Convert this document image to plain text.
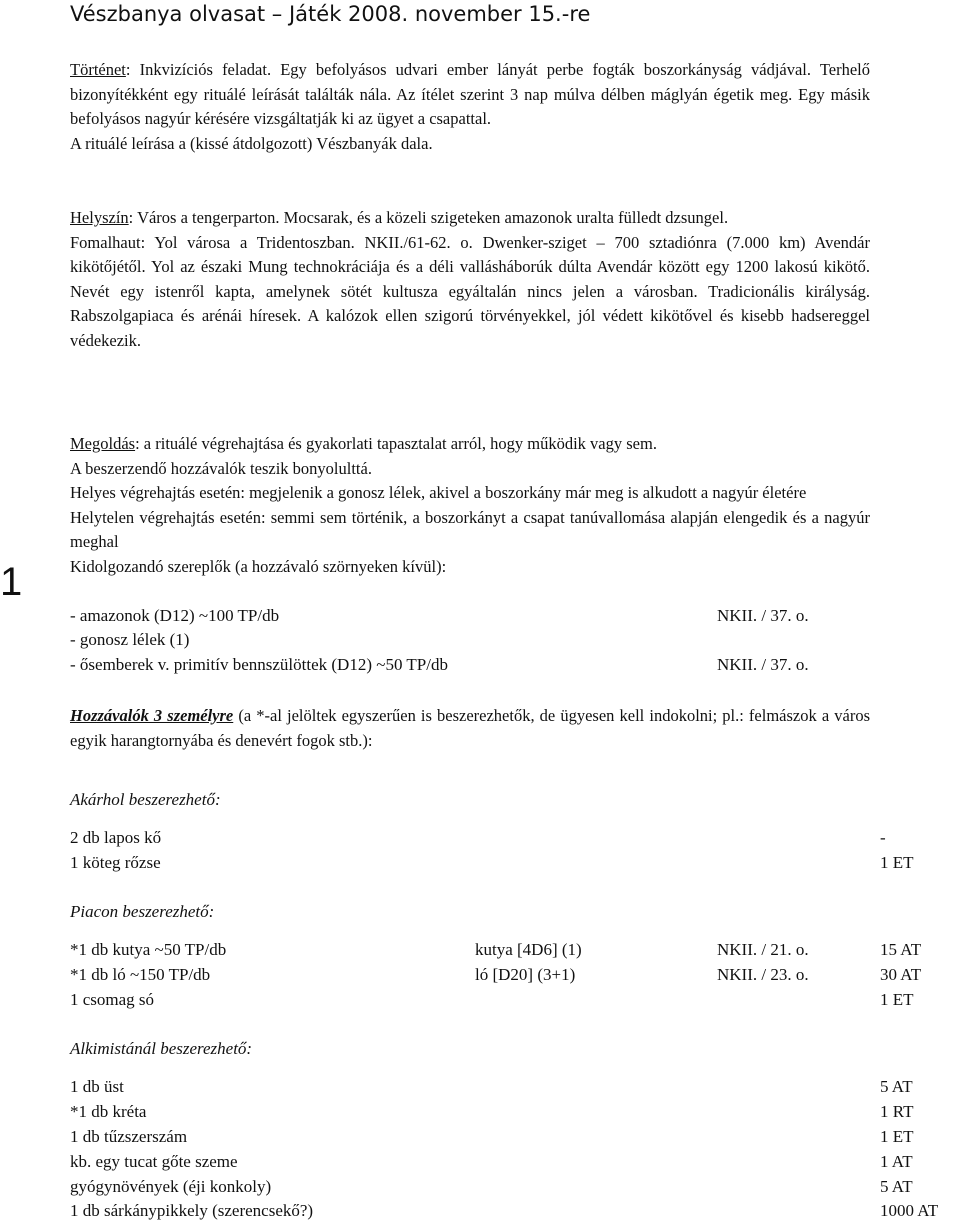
1
Vészbanya olvasat – Játék 2008. november 15.-re

Történet: Inkvizíciós feladat. Egy befolyásos udvari ember lányát perbe fogták boszorkányság vádjával. Terhelő bizonyítékként egy rituálé leírását találták nála. Az ítélet szerint 3 nap múlva délben máglyán égetik meg. Egy másik befolyásos nagyúr kérésére vizsgáltatják ki az ügyet a csapattal.

A rituálé leírása a (kissé átdolgozott) Vészbanyák dala.

Helyszín: Város a tengerparton. Mocsarak, és a közeli szigeteken amazonok uralta fülledt dzsungel.

Fomalhaut: Yol városa a Tridentoszban. NKII./61-62. o. Dwenker-sziget – 700 sztadiónra (7.000 km) Avendár kikötőjétől. Yol az északi Mung technokráciája és a déli vallásháborúk dúlta Avendár között egy 1200 lakosú kikötő. Nevét egy istenről kapta, amelynek sötét kultusza egyáltalán nincs jelen a városban. Tradicionális királyság. Rabszolgapiaca és arénái híresek. A kalózok ellen szigorú törvényekkel, jól védett kikötővel és kisebb hadsereggel védekezik.

Megoldás: a rituálé végrehajtása és gyakorlati tapasztalat arról, hogy működik vagy sem.

A beszerzendő hozzávalók teszik bonyolulttá.

Helyes végrehajtás esetén: megjelenik a gonosz lélek, akivel a boszorkány már meg is alkudott a nagyúr életére

Helytelen végrehajtás esetén: semmi sem történik, a boszorkányt a csapat tanúvallomása alapján elengedik és a nagyúr meghal

Kidolgozandó szereplők (a hozzávaló szörnyeken kívül):

- amazonok (D12) ~100 TP/db	NKII. / 37. o.
- gonosz lélek (1)
- ősemberek v. primitív bennszülöttek (D12) ~50 TP/db	NKII. / 37. o.

Hozzávalók 3 személyre (a *-al jelöltek egyszerűen is beszerezhetők, de ügyesen kell indokolni; pl.: felmászok a város egyik harangtornyába és denevért fogok stb.):

Akárhol beszerezhető:
2 db lapos kő	-
1 köteg rőzse	1 ET
Piacon beszerezhető:
*1 db kutya ~50 TP/db	kutya [4D6] (1)	NKII. / 21. o.	15 AT
*1 db ló ~150 TP/db	ló [D20] (3+1)	NKII. / 23. o.	30 AT
1 csomag só	1 ET
Alkimistánál beszerezhető:
1 db üst	5 AT
*1 db kréta	1 RT
1 db tűzszerszám	1 ET
kb. egy tucat gőte szeme	1 AT
gyógynövények (éji konkoly)	5 AT
1 db sárkánypikkely (szerencsekő?)	1000 AT
